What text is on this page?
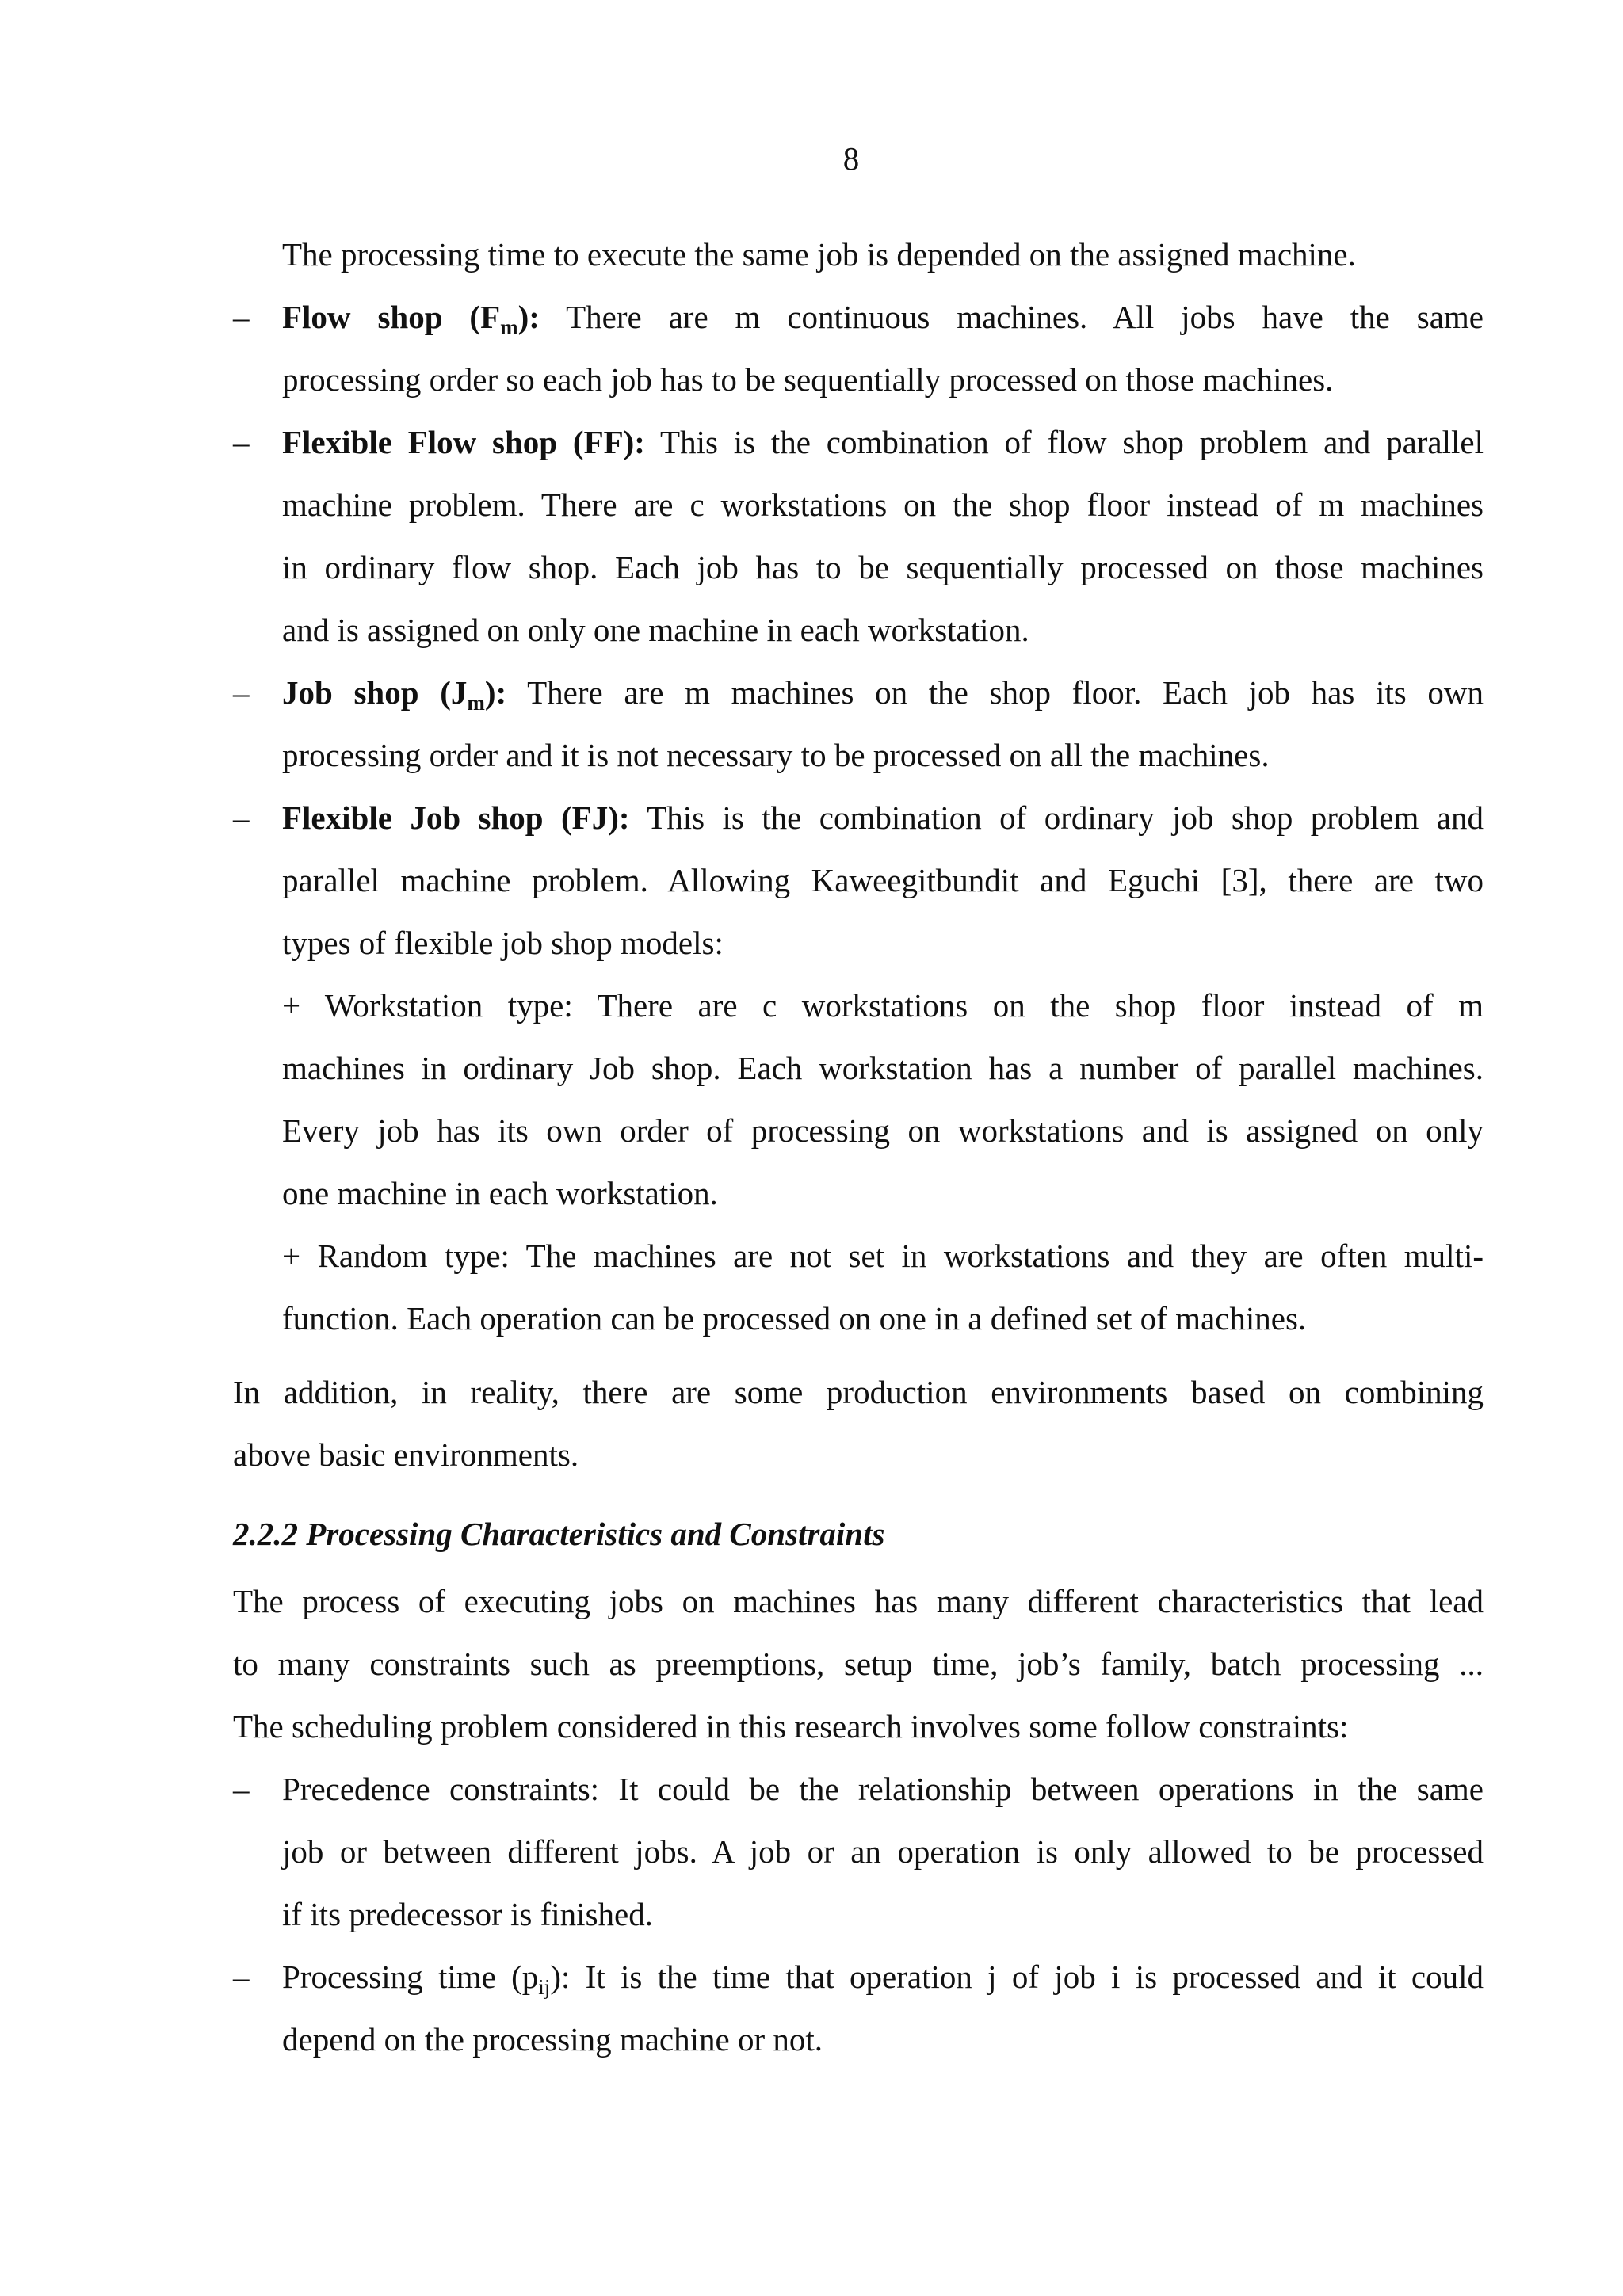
8
The processing time to execute the same job is depended on the assigned machine.
– Flow shop $(F_m)$: There are m continuous machines. All jobs have the same
processing order so each job has to be sequentially processed on those machines.
– Flexible Flow shop (FF): This is the combination of flow shop problem and parallel
machine problem. There are c workstations on the shop floor instead of m machines
in ordinary flow shop. Each job has to be sequentially processed on those machines
and is assigned on only one machine in each workstation.
– Job shop $(J_m)$: There are m machines on the shop floor. Each job has its own
processing order and it is not necessary to be processed on all the machines.
– Flexible Job shop (FJ): This is the combination of ordinary job shop problem and
parallel machine problem. Allowing Kaweegitbundit and Eguchi [3], there are two
types of flexible job shop models:
+ Workstation type: There are c workstations on the shop floor instead of m
machines in ordinary Job shop. Each workstation has a number of parallel machines.
Every job has its own order of processing on workstations and is assigned on only
one machine in each workstation.
+ Random type: The machines are not set in workstations and they are often multi-
function. Each operation can be processed on one in a defined set of machines.
In addition, in reality, there are some production environments based on combining
above basic environments.
2.2.2 Processing Characteristics and Constraints
The process of executing jobs on machines has many different characteristics that lead
to many constraints such as preemptions, setup time, job’s family, batch processing ...
The scheduling problem considered in this research involves some follow constraints:
– Precedence constraints: It could be the relationship between operations in the same
job or between different jobs. A job or an operation is only allowed to be processed
if its predecessor is finished.
– Processing time $(p_{ij})$: It is the time that operation j of job i is processed and it could
depend on the processing machine or not.
